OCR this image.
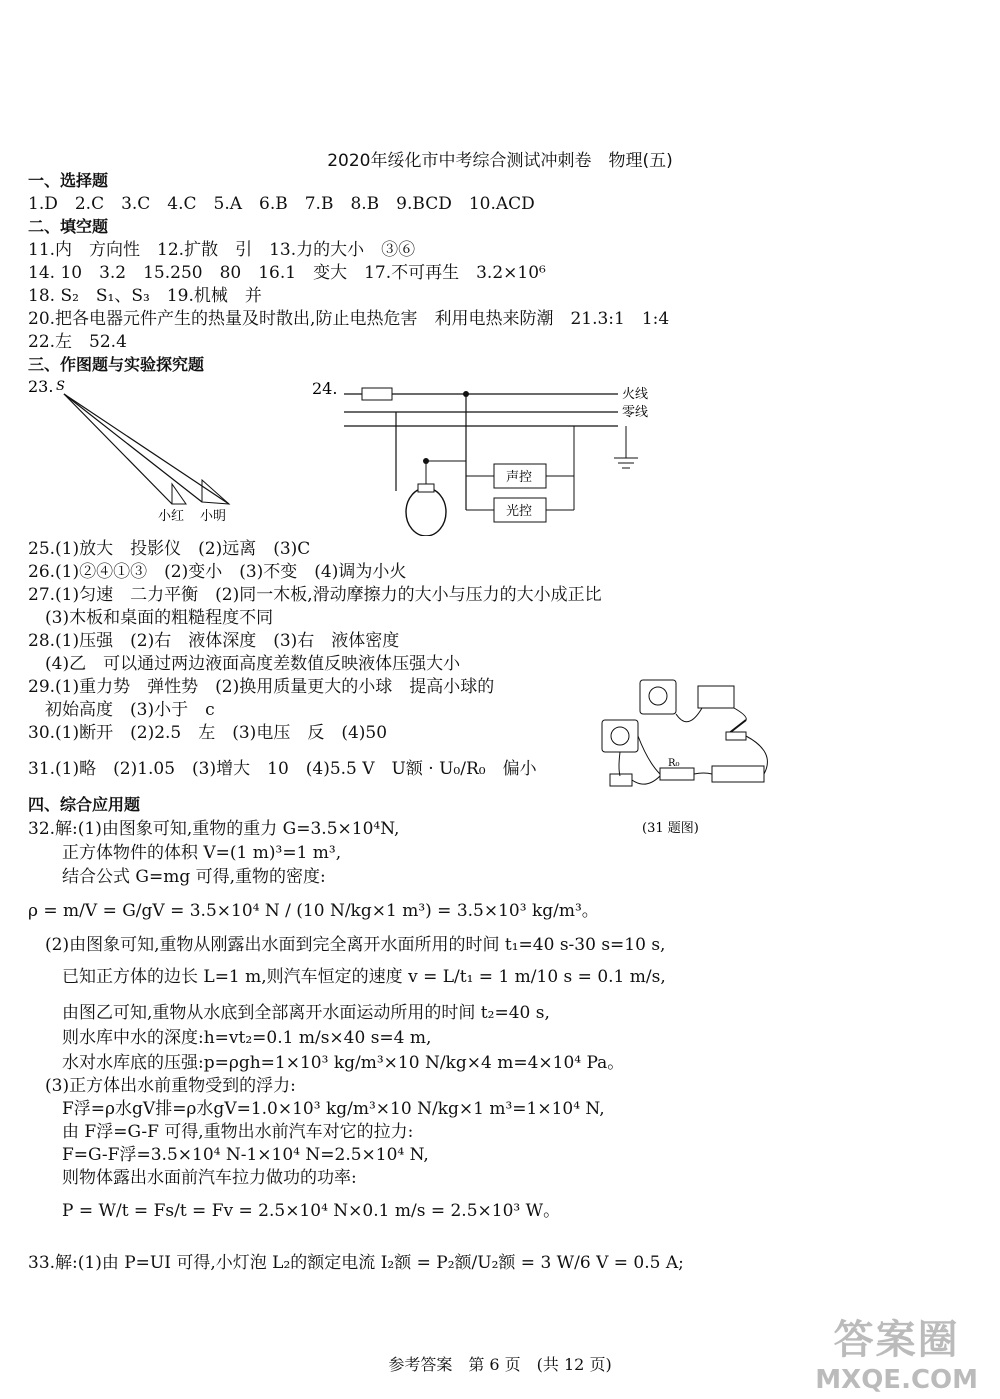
2020年绥化市中考综合测试冲刺卷　物理(五)
一、选择题
1.D　2.C　3.C　4.C　5.A　6.B　7.B　8.B　9.BCD　10.ACD
二、填空题
11.内　方向性　12.扩散　引　13.力的大小　③⑥
14. 10　3.2　15.250　80　16.1　变大　17.不可再生　3.2×10⁶
18. S₂　S₁、S₃　19.机械　并
20.把各电器元件产生的热量及时散出,防止电热危害　利用电热来防潮　21.3:1　1:4
22.左　52.4
三、作图题与实验探究题
23. S
小红 小明
24.	火线
零线
声控
光控
25.(1)放大　投影仪　(2)远离　(3)C
26.(1)②④①③　(2)变小　(3)不变　(4)调为小火
27.(1)匀速　二力平衡　(2)同一木板,滑动摩擦力的大小与压力的大小成正比
　(3)木板和桌面的粗糙程度不同
28.(1)压强　(2)右　液体深度　(3)右　液体密度
　(4)乙　可以通过两边液面高度差数值反映液体压强大小
29.(1)重力势　弹性势　(2)换用质量更大的小球　提高小球的
　初始高度　(3)小于　c
30.(1)断开　(2)2.5　左　(3)电压　反　(4)50
31.(1)略　(2)1.05　(3)增大　10　(4)5.5 V　U额 · U₀/R₀　偏小	R₀
(31 题图)
四、综合应用题
32.解:(1)由图象可知,重物的重力 G=3.5×10⁴N,
　　正方体物件的体积 V=(1 m)³=1 m³,
　　结合公式 G=mg 可得,重物的密度:
ρ = m/V = G/gV = 3.5×10⁴ N / (10 N/kg×1 m³) = 3.5×10³ kg/m³。
　(2)由图象可知,重物从刚露出水面到完全离开水面所用的时间 t₁=40 s-30 s=10 s,
　　已知正方体的边长 L=1 m,则汽车恒定的速度 v = L/t₁ = 1 m/10 s = 0.1 m/s,
　　由图乙可知,重物从水底到全部离开水面运动所用的时间 t₂=40 s,
　　则水库中水的深度:h=vt₂=0.1 m/s×40 s=4 m,
　　水对水库底的压强:p=ρgh=1×10³ kg/m³×10 N/kg×4 m=4×10⁴ Pa。
　(3)正方体出水前重物受到的浮力:
　　F浮=ρ水gV排=ρ水gV=1.0×10³ kg/m³×10 N/kg×1 m³=1×10⁴ N,
　　由 F浮=G-F 可得,重物出水前汽车对它的拉力:
　　F=G-F浮=3.5×10⁴ N-1×10⁴ N=2.5×10⁴ N,
　　则物体露出水面前汽车拉力做功的功率:
　　P = W/t = Fs/t = Fv = 2.5×10⁴ N×0.1 m/s = 2.5×10³ W。
33.解:(1)由 P=UI 可得,小灯泡 L₂的额定电流 I₂额 = P₂额/U₂额 = 3 W/6 V = 0.5 A;
参考答案　第 6 页　(共 12 页)
答案圈
MXQE.COM
